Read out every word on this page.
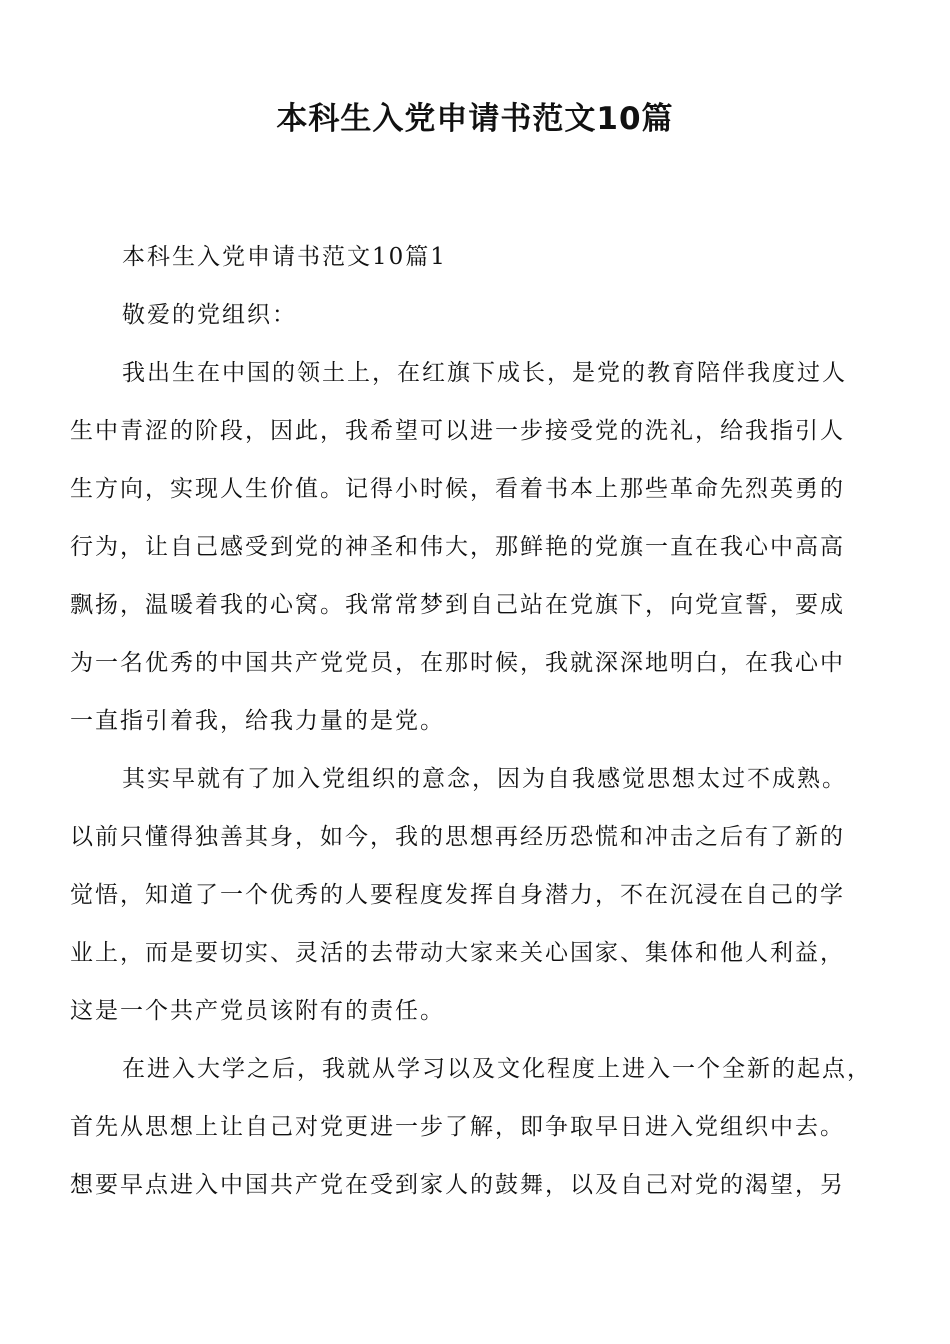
本科生入党申请书范文10篇

本科生入党申请书范文10篇1

敬爱的党组织：

我出生在中国的领土上，在红旗下成长，是党的教育陪伴我度过人
生中青涩的阶段，因此，我希望可以进一步接受党的洗礼，给我指引人
生方向，实现人生价值。记得小时候，看着书本上那些革命先烈英勇的
行为，让自己感受到党的神圣和伟大，那鲜艳的党旗一直在我心中高高
飘扬，温暖着我的心窝。我常常梦到自己站在党旗下，向党宣誓，要成
为一名优秀的中国共产党党员，在那时候，我就深深地明白，在我心中
一直指引着我，给我力量的是党。

其实早就有了加入党组织的意念，因为自我感觉思想太过不成熟。
以前只懂得独善其身，如今，我的思想再经历恐慌和冲击之后有了新的
觉悟，知道了一个优秀的人要程度发挥自身潜力，不在沉浸在自己的学
业上，而是要切实、灵活的去带动大家来关心国家、集体和他人利益，
这是一个共产党员该附有的责任。

在进入大学之后，我就从学习以及文化程度上进入一个全新的起点，
首先从思想上让自己对党更进一步了解，即争取早日进入党组织中去。
想要早点进入中国共产党在受到家人的鼓舞，以及自己对党的渴望，另
